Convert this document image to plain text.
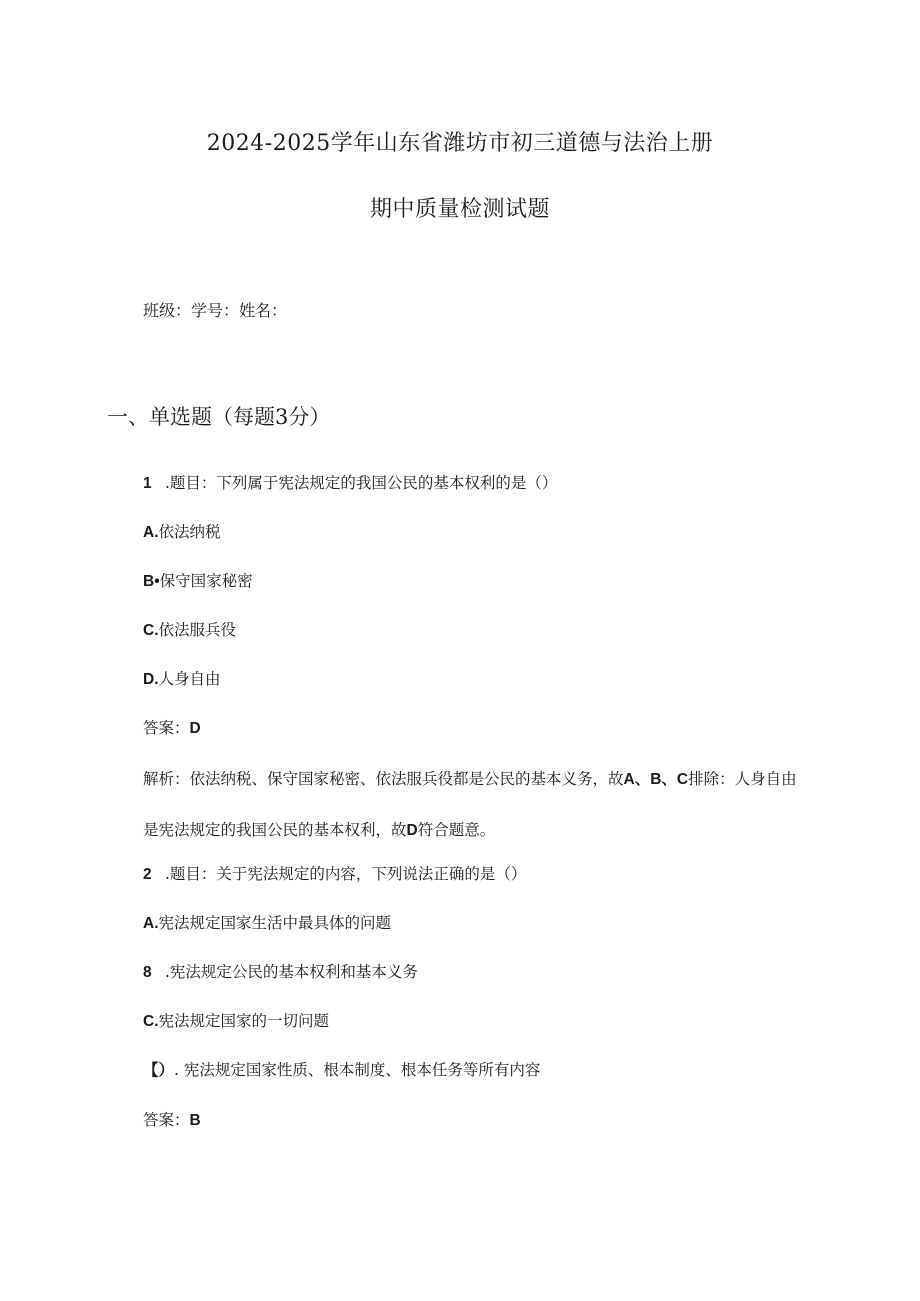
2024-2025学年山东省潍坊市初三道德与法治上册
期中质量检测试题
班级：学号：姓名：
一、单选题（每题3分）
1 .题目：下列属于宪法规定的我国公民的基本权利的是（）
A.依法纳税
B•保守国家秘密
C.依法服兵役
D.人身自由
答案：D
解析：依法纳税、保守国家秘密、依法服兵役都是公民的基本义务，故A、B、C排除：人身自由是宪法规定的我国公民的基本权利，故D符合题意。
2 .题目：关于宪法规定的内容，下列说法正确的是（）
A.宪法规定国家生活中最具体的问题
8 .宪法规定公民的基本权利和基本义务
C.宪法规定国家的一切问题
【）. 宪法规定国家性质、根本制度、根本任务等所有内容
答案：B
